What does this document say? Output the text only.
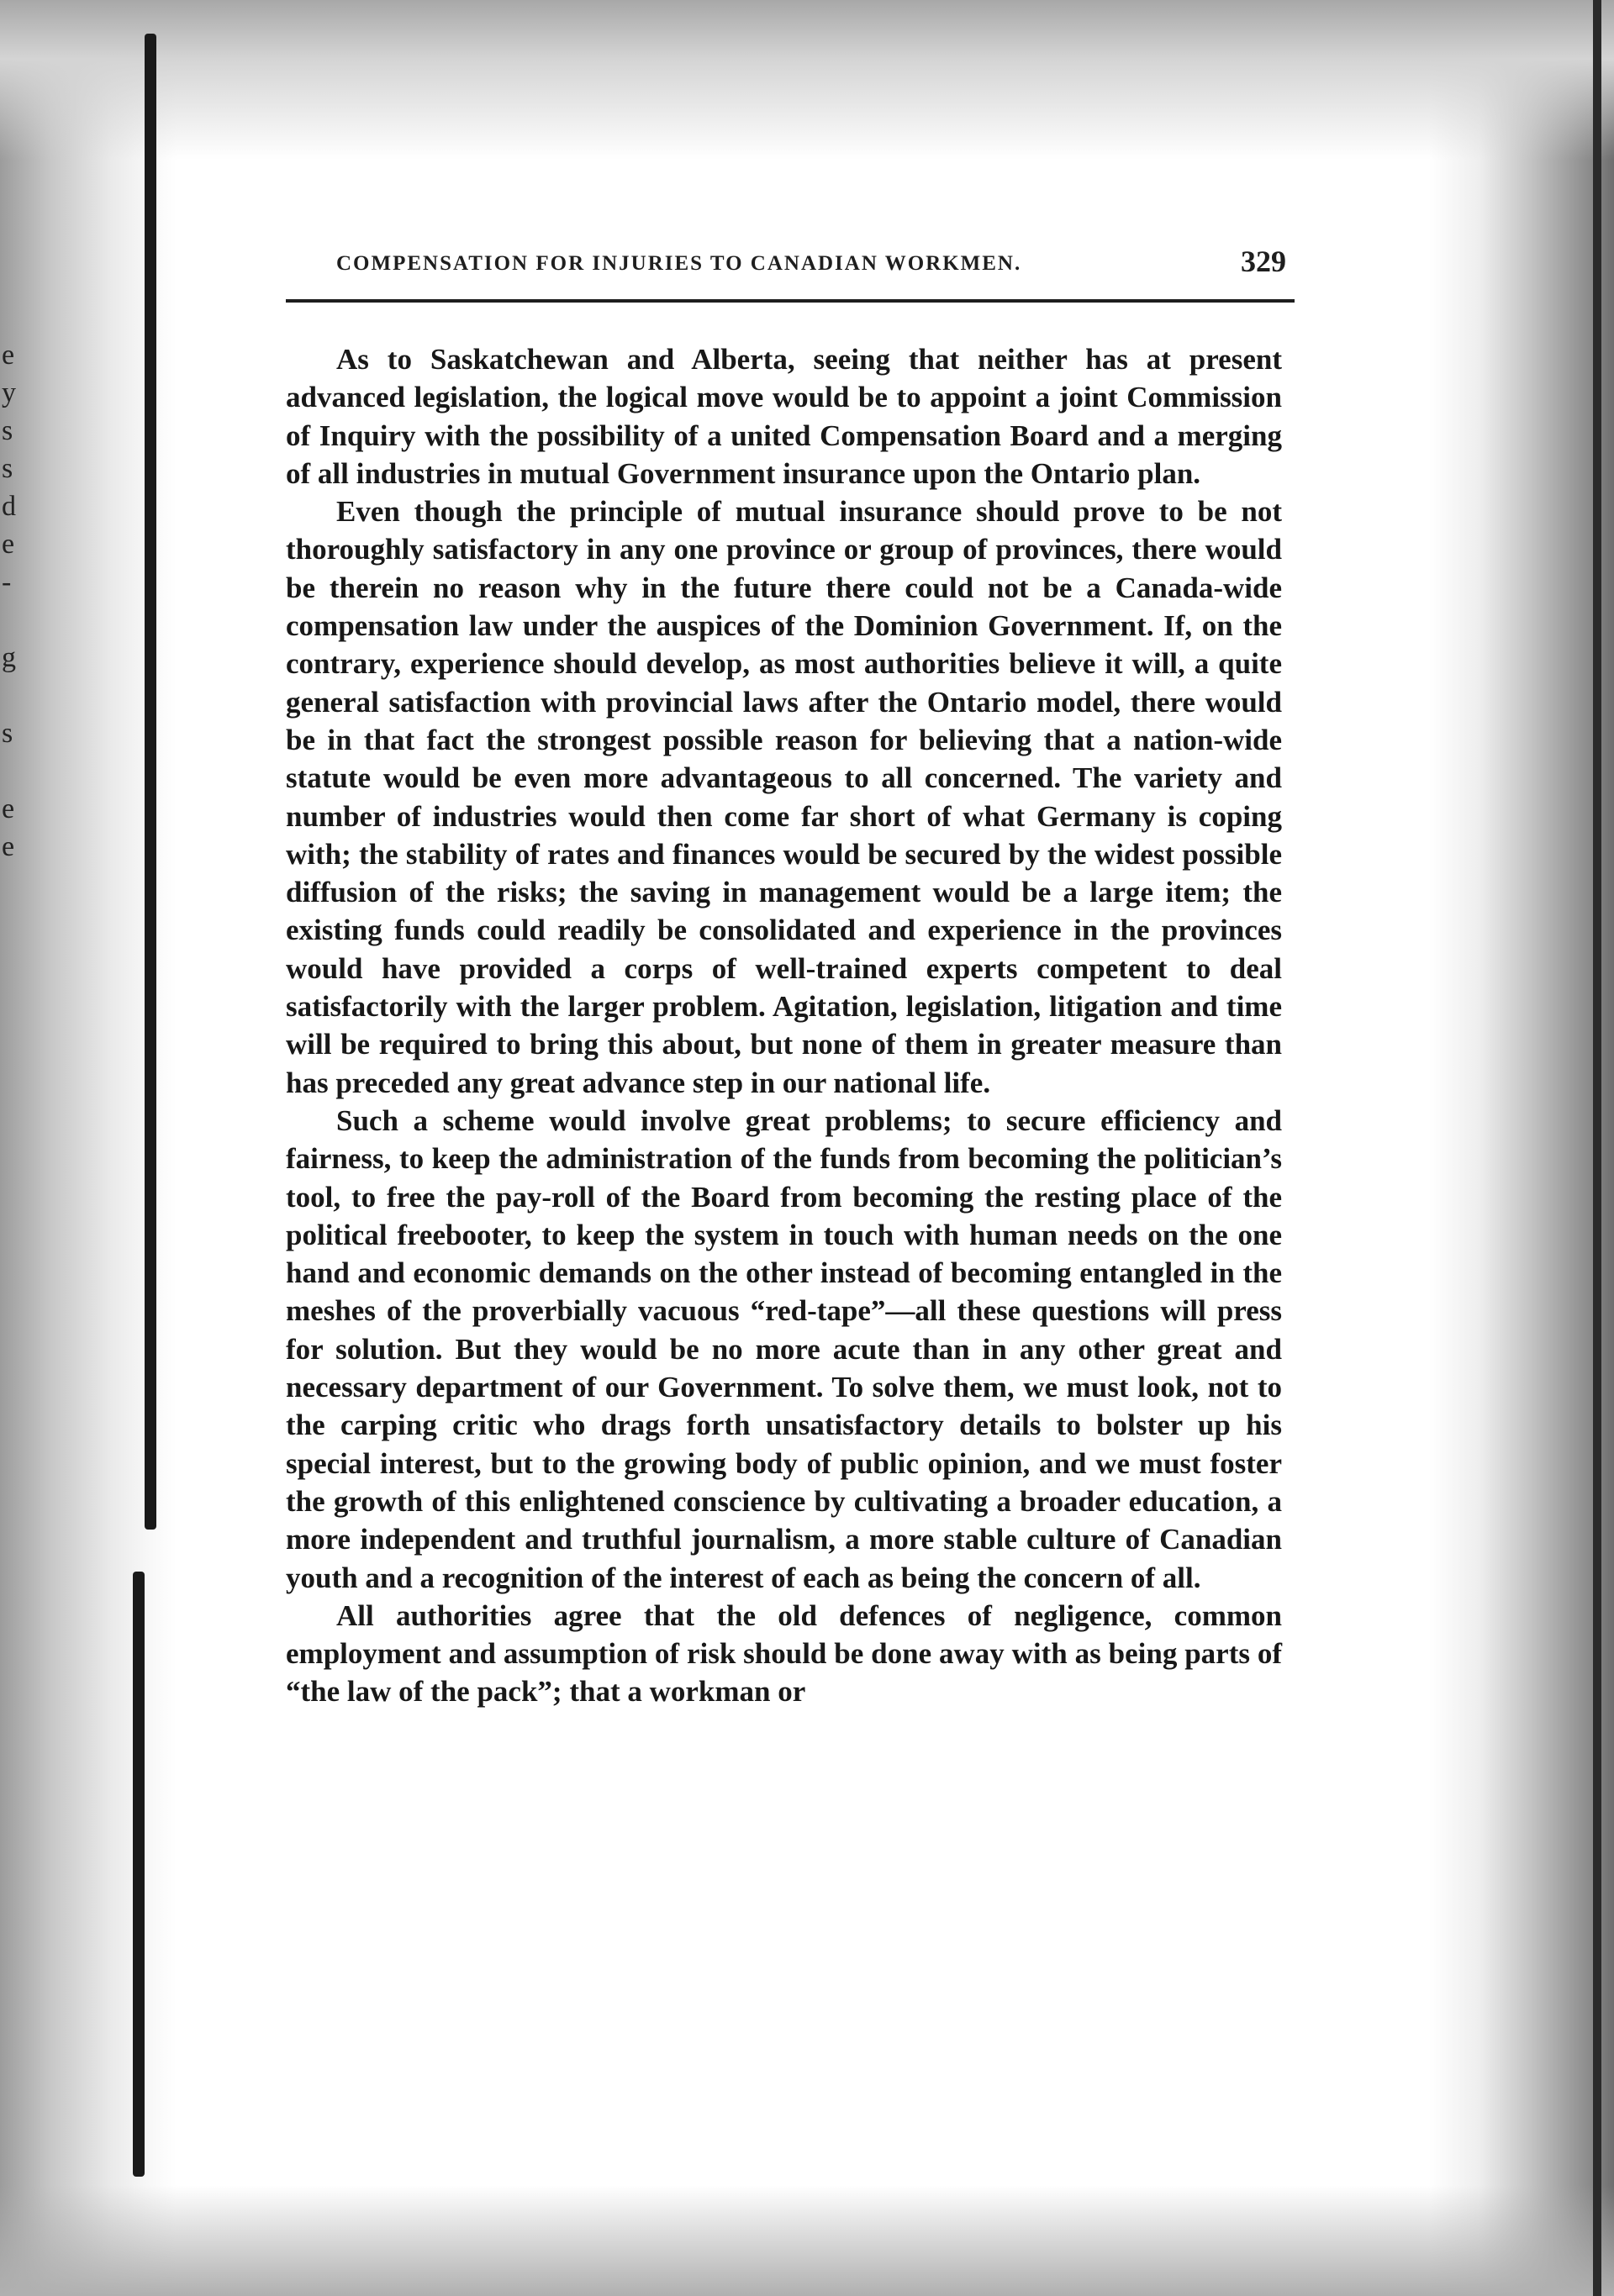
e
y
s
s
d
e
-
g
s
e
e
COMPENSATION FOR INJURIES TO CANADIAN WORKMEN.	329

As to Saskatchewan and Alberta, seeing that neither has at present advanced legislation, the logical move would be to appoint a joint Commission of Inquiry with the possibility of a united Compensation Board and a merging of all industries in mutual Government insurance upon the Ontario plan.

Even though the principle of mutual insurance should prove to be not thoroughly satisfactory in any one province or group of provinces, there would be therein no reason why in the future there could not be a Canada-wide compensation law under the auspices of the Dominion Government. If, on the contrary, experience should develop, as most authorities believe it will, a quite general satisfaction with provincial laws after the Ontario model, there would be in that fact the strongest possible reason for believing that a nation-wide statute would be even more advantageous to all concerned. The variety and number of industries would then come far short of what Germany is coping with; the stability of rates and finances would be secured by the widest possible diffusion of the risks; the saving in management would be a large item; the existing funds could readily be consolidated and experience in the provinces would have provided a corps of well-trained experts competent to deal satisfactorily with the larger problem. Agitation, legislation, litigation and time will be required to bring this about, but none of them in greater measure than has preceded any great advance step in our national life.

Such a scheme would involve great problems; to secure efficiency and fairness, to keep the administration of the funds from becoming the politician’s tool, to free the pay-roll of the Board from becoming the resting place of the political freebooter, to keep the system in touch with human needs on the one hand and economic demands on the other instead of becoming entangled in the meshes of the proverbially vacuous “red-tape”—all these questions will press for solution. But they would be no more acute than in any other great and necessary department of our Government. To solve them, we must look, not to the carping critic who drags forth unsatisfactory details to bolster up his special interest, but to the growing body of public opinion, and we must foster the growth of this enlightened conscience by cultivating a broader education, a more independent and truthful journalism, a more stable culture of Canadian youth and a recognition of the interest of each as being the concern of all.

All authorities agree that the old defences of negligence, common employment and assumption of risk should be done away with as being parts of “the law of the pack”; that a workman or
